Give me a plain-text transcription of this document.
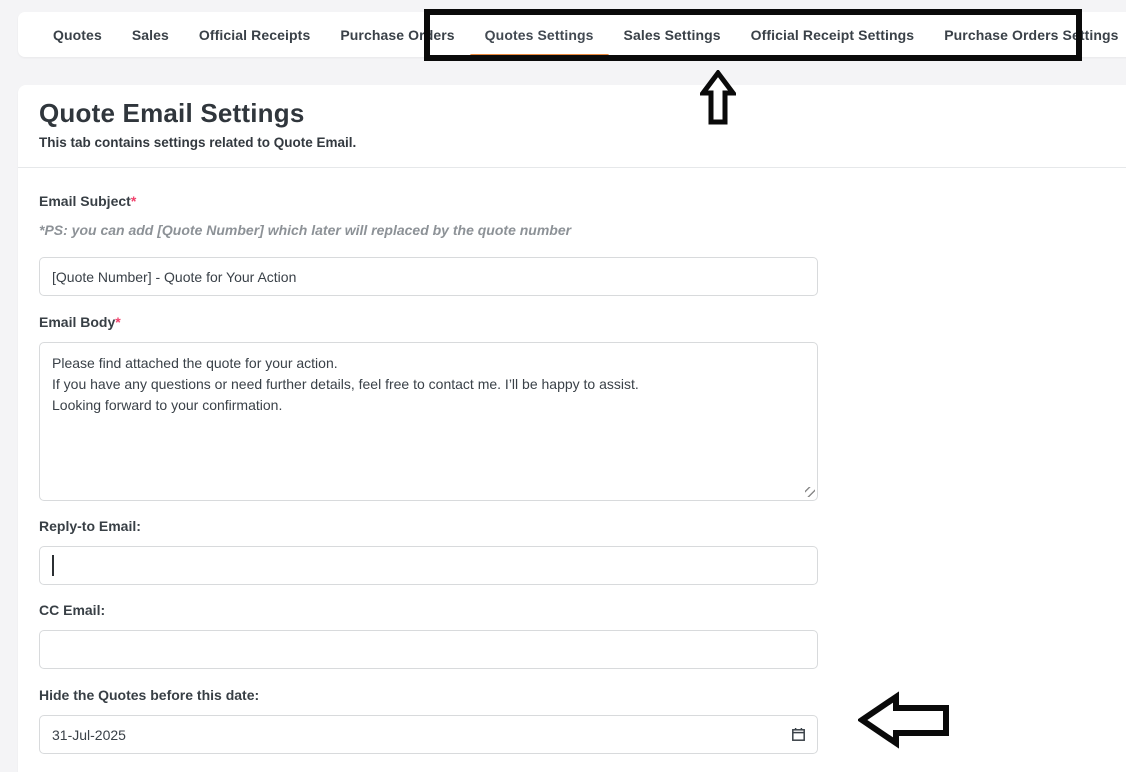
Quotes	Sales	Official Receipts	Purchase Orders	Quotes Settings	Sales Settings	Official Receipt Settings	Purchase Orders Settings
Quote Email Settings
This tab contains settings related to Quote Email.
Email Subject*
*PS: you can add [Quote Number] which later will replaced by the quote number
[Quote Number] - Quote for Your Action
Email Body*
Please find attached the quote for your action. If you have any questions or need further details, feel free to contact me. I’ll be happy to assist. Looking forward to your confirmation.
Reply-to Email:
CC Email:
Hide the Quotes before this date:
31-Jul-2025
